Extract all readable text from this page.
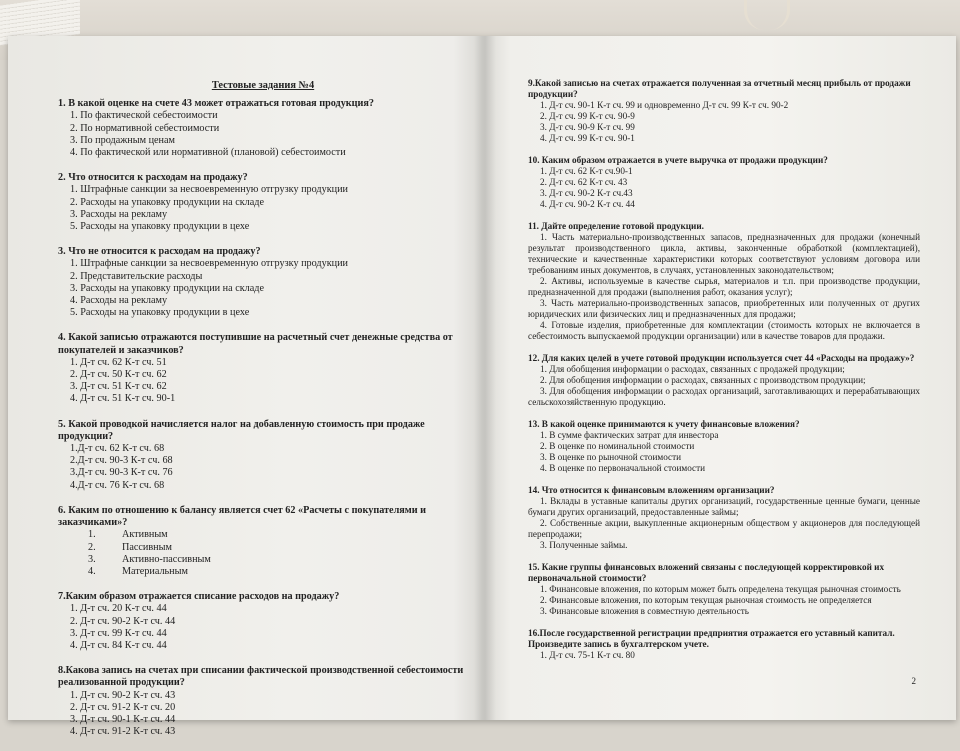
Тестовые задания №4
1. В какой оценке на счете 43 может отражаться готовая продукция?
1. По фактической себестоимости
2. По нормативной себестоимости
3. По продажным ценам
4. По фактической или нормативной (плановой) себестоимости
2. Что относится к расходам на продажу?
1. Штрафные санкции за несвоевременную отгрузку продукции
2. Расходы на упаковку продукции на складе
3. Расходы на рекламу
5. Расходы на упаковку продукции в цехе
3. Что не относится к расходам на продажу?
1. Штрафные санкции за несвоевременную отгрузку продукции
2. Представительские расходы
3. Расходы на упаковку продукции на складе
4. Расходы на рекламу
5. Расходы на упаковку продукции в цехе
4. Какой записью отражаются поступившие на расчетный счет денежные средства от покупателей и заказчиков?
1. Д-т сч. 62 К-т сч. 51
2. Д-т сч. 50 К-т сч. 62
3. Д-т сч. 51 К-т сч. 62
4. Д-т сч. 51 К-т сч. 90-1
5. Какой проводкой начисляется налог на добавленную стоимость при продаже продукции?
1.Д-т сч. 62 К-т сч. 68
2.Д-т сч. 90-3 К-т сч. 68
3.Д-т сч. 90-3 К-т сч. 76
4.Д-т сч. 76 К-т сч. 68
6. Каким по отношению к балансу является счет 62 «Расчеты с покупателями и заказчиками»?
1.	Активным
2.	Пассивным
3.	Активно-пассивным
4.	Материальным
7.Каким образом отражается списание расходов на продажу?
1. Д-т сч. 20 К-т сч. 44
2. Д-т сч. 90-2 К-т сч. 44
3. Д-т сч. 99 К-т сч. 44
4. Д-т сч. 84 К-т сч. 44
8.Какова запись на счетах при списании фактической производственной себестоимости реализованной продукции?
1. Д-т сч. 90-2 К-т сч. 43
2. Д-т сч. 91-2 К-т сч. 20
3. Д-т сч. 90-1 К-т сч. 44
4. Д-т сч. 91-2 К-т сч. 43
9.Какой записью на счетах отражается полученная за отчетный месяц прибыль от продажи продукции?
1. Д-т сч. 90-1 К-т сч. 99 и одновременно Д-т сч. 99 К-т сч. 90-2
2. Д-т сч. 99 К-т сч. 90-9
3. Д-т сч. 90-9 К-т сч. 99
4. Д-т сч. 99 К-т сч. 90-1
10. Каким образом отражается в учете выручка от продажи продукции?
1. Д-т сч. 62 К-т сч.90-1
2. Д-т сч. 62 К-т сч. 43
3. Д-т сч. 90-2 К-т сч.43
4. Д-т сч. 90-2 К-т сч. 44
11. Дайте определение готовой продукции.
1. Часть материально-производственных запасов, предназначенных для продажи (конечный результат производственного цикла, активы, законченные обработкой (комплектацией), технические и качественные характеристики которых соответствуют условиям договора или требованиям иных документов, в случаях, установленных законодательством;
2. Активы, используемые в качестве сырья, материалов и т.п. при производстве продукции, предназначенной для продажи (выполнения работ, оказания услуг);
3. Часть материально-производственных запасов, приобретенных или полученных от других юридических или физических лиц и предназначенных для продажи;
4. Готовые изделия, приобретенные для комплектации (стоимость которых не включается в себестоимость выпускаемой продукции организации) или в качестве товаров для продажи.
12. Для каких целей в учете готовой продукции используется счет 44 «Расходы на продажу»?
1. Для обобщения информации о расходах, связанных с продажей продукции;
2. Для обобщения информации о расходах, связанных с производством продукции;
3. Для обобщения информации о расходах организаций, заготавливающих и перерабатывающих сельскохозяйственную продукцию.
13. В какой оценке принимаются к учету финансовые вложения?
1. В сумме фактических затрат для инвестора
2. В оценке по номинальной стоимости
3. В оценке по рыночной стоимости
4. В оценке по первоначальной стоимости
14. Что относится к финансовым вложениям организации?
1. Вклады в уставные капиталы других организаций, государственные ценные бумаги, ценные бумаги других организаций, предоставленные займы;
2. Собственные акции, выкупленные акционерным обществом у акционеров для последующей перепродажи;
3. Полученные займы.
15. Какие группы финансовых вложений связаны с последующей корректировкой их первоначальной стоимости?
1. Финансовые вложения, по которым может быть определена текущая рыночная стоимость
2. Финансовые вложения, по которым текущая рыночная стоимость не определяется
3. Финансовые вложения в совместную деятельность
16.После государственной регистрации предприятия отражается его уставный капитал. Произведите запись в бухгалтерском учете.
1. Д-т сч. 75-1 К-т сч. 80
2
